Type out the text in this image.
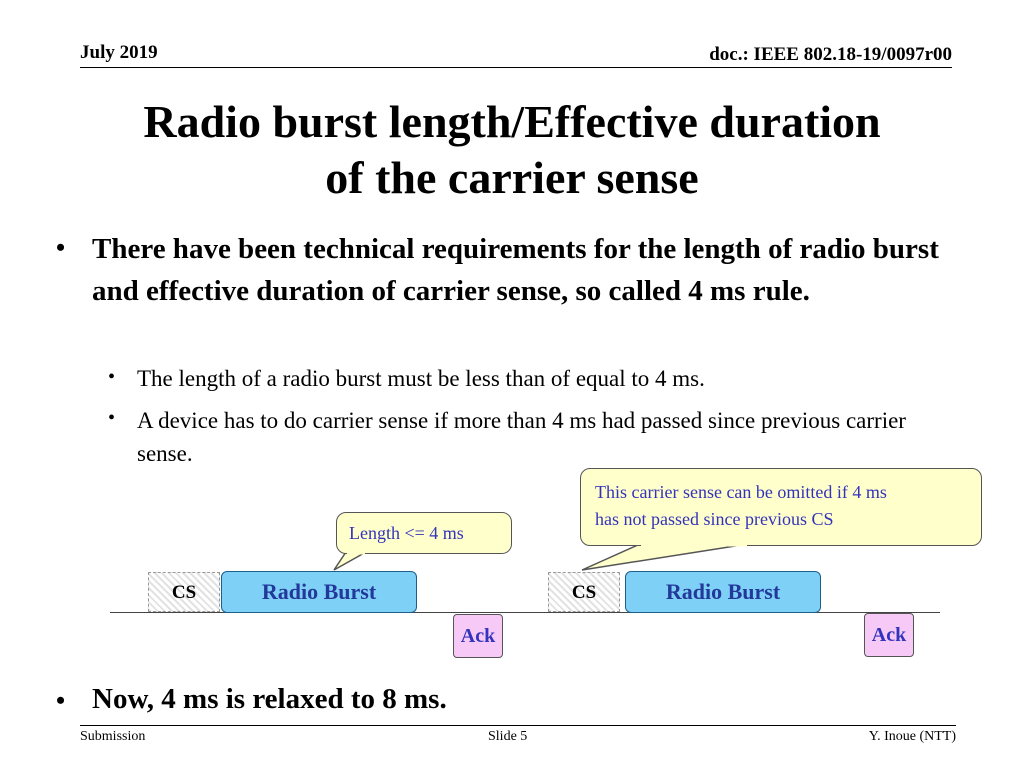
July 2019	doc.: IEEE 802.18-19/0097r00
Radio burst length/Effective duration
of the carrier sense
• There have been technical requirements for the length of radio burst and effective duration of carrier sense, so called 4 ms rule.
• The length of a radio burst must be less than of equal to 4 ms.
• A device has to do carrier sense if more than 4 ms had passed since previous carrier sense.
Length <= 4 ms
This carrier sense can be omitted if 4 ms
has not passed since previous CS
CS	Radio Burst
Ack
CS	Radio Burst
Ack
• Now, 4 ms is relaxed to 8 ms.
Submission	Slide 5	Y. Inoue (NTT)
